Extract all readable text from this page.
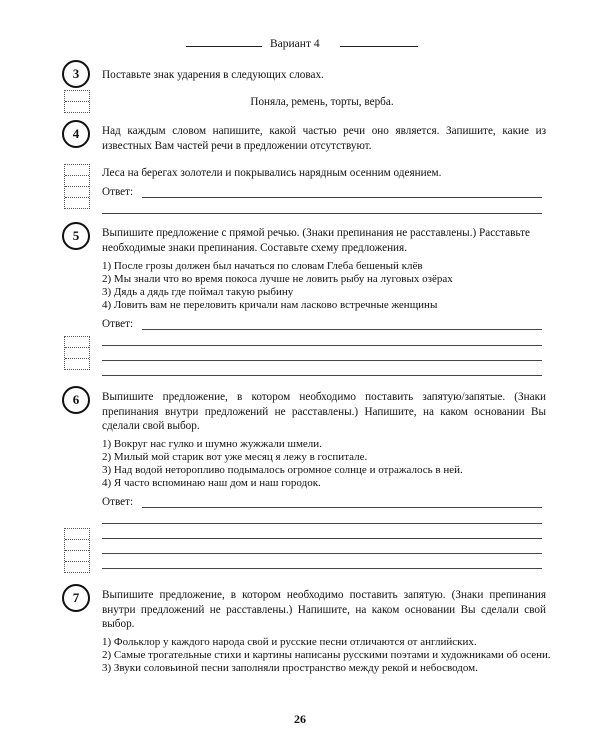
Вариант 4
3	Поставьте знак ударения в следующих словах.
Поняла, ремень, торты, верба.
4	Над каждым словом напишите, какой частью речи оно является. Запишите, какие из известных Вам частей речи в предложении отсутствуют.
Леса на берегах золотели и покрывались нарядным осенним одеянием.
Ответ:
5	Выпишите предложение с прямой речью. (Знаки препинания не расставлены.) Расставьте необходимые знаки препинания. Составьте схему предложения.
1) После грозы должен был начаться по словам Глеба бешеный клёв
2) Мы знали что во время покоса лучше не ловить рыбу на луговых озёрах
3) Дядь а дядь где поймал такую рыбину
4) Ловить вам не переловить кричали нам ласково встречные женщины
Ответ:
6	Выпишите предложение, в котором необходимо поставить запятую/запятые. (Знаки препинания внутри предложений не расставлены.) Напишите, на каком основании Вы сделали свой выбор.
1) Вокруг нас гулко и шумно жужжали шмели.
2) Милый мой старик вот уже месяц я лежу в госпитале.
3) Над водой неторопливо подымалось огромное солнце и отражалось в ней.
4) Я часто вспоминаю наш дом и наш городок.
Ответ:
7	Выпишите предложение, в котором необходимо поставить запятую. (Знаки препинания внутри предложений не расставлены.) Напишите, на каком основании Вы сделали свой выбор.
1) Фольклор у каждого народа свой и русские песни отличаются от английских.
2) Самые трогательные стихи и картины написаны русскими поэтами и художниками об осени.
3) Звуки соловьиной песни заполняли пространство между рекой и небосводом.
26
